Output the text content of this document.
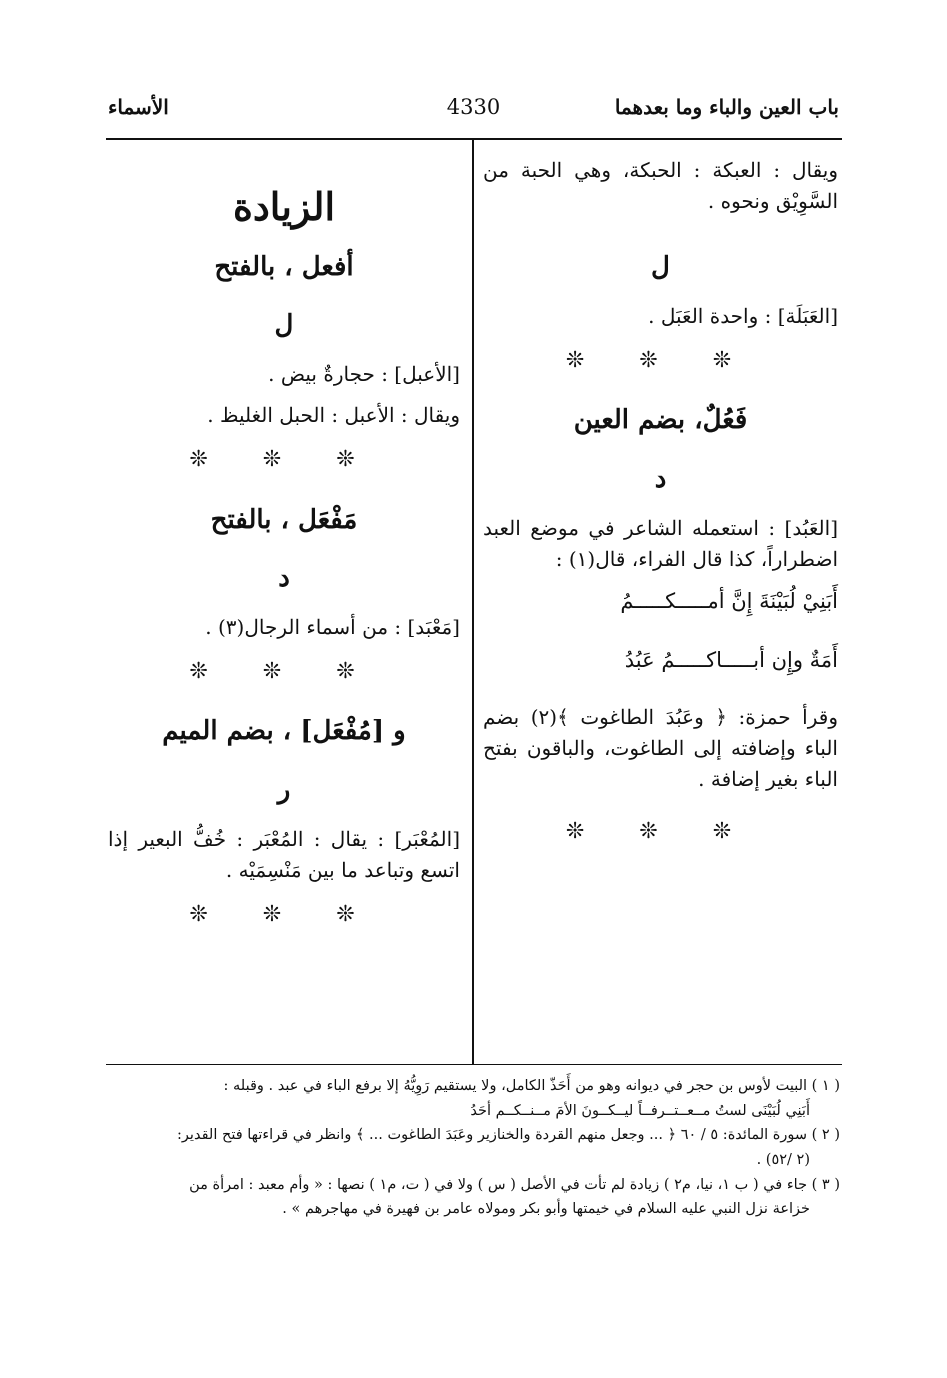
باب العين والباء وما بعدهما
4330
الأسماء

ويقال : العبكة : الحبكة، وهي الحبة من السَّوِيْق ونحوه .

ل

[العَبَلَة] : واحدة العَبَل .

❊ ❊ ❊
فَعُلٌ، بضم العين
د

[العَبُد] : استعمله الشاعر في موضع العبد اضطراراً، كذا قال الفراء، قال(١) :

أَبَنِيْ لُبَيْنَةَ إِنَّ أمـــــكـــــمُ
أَمَةٌ وإِن أبـــــاكـــــمُ عَبُدُ

وقرأ حمزة: ﴿ وعَبُدَ الطاغوت ﴾(٢) بضم الباء وإضافته إلى الطاغوت، والباقون بفتح الباء بغير إضافة .

❊ ❊ ❊
الزيادة
أفعل ، بالفتح
ل

[الأعبل] : حجارةٌ بيض .

ويقال : الأعبل : الحبل الغليظ .

❊ ❊ ❊
مَفْعَل ، بالفتح
د

[مَعْبَد] : من أسماء الرجال(٣) .

❊ ❊ ❊
و [مُفْعَل] ، بضم الميم
ر

[المُعْبَر] : يقال : المُعْبَر : خُفُّ البعير إذا اتسع وتباعد ما بين مَنْسِمَيْه .

❊ ❊ ❊

( ١ ) البيت لأوس بن حجر في ديوانه وهو من أَحَذّ الكامل، ولا يستقيم رَوِيُّهُ إلا برفع الباء في عبد . وقبله :

أَبَنِي لُبَيْنَى لستُ مــعــتــرفــاً ليــكــونَ الأمَ مــنــكــم أحَدُ

( ٢ ) سورة المائدة: ٥ / ٦٠ ﴿ ... وجعل منهم القردة والخنازير وعَبَدَ الطاغوت ... ﴾ وانظر في قراءتها فتح القدير:

(٢ /٥٢) .

( ٣ ) جاء في ( ب ١، نيا، م٢ ) زيادة لم تأت في الأصل ( س ) ولا في ( ت، م١ ) نصها : « وأم معبد : امرأة من

خزاعة نزل النبي عليه السلام في خيمتها وأبو بكر ومولاه عامر بن فهيرة في مهاجرهم » .
